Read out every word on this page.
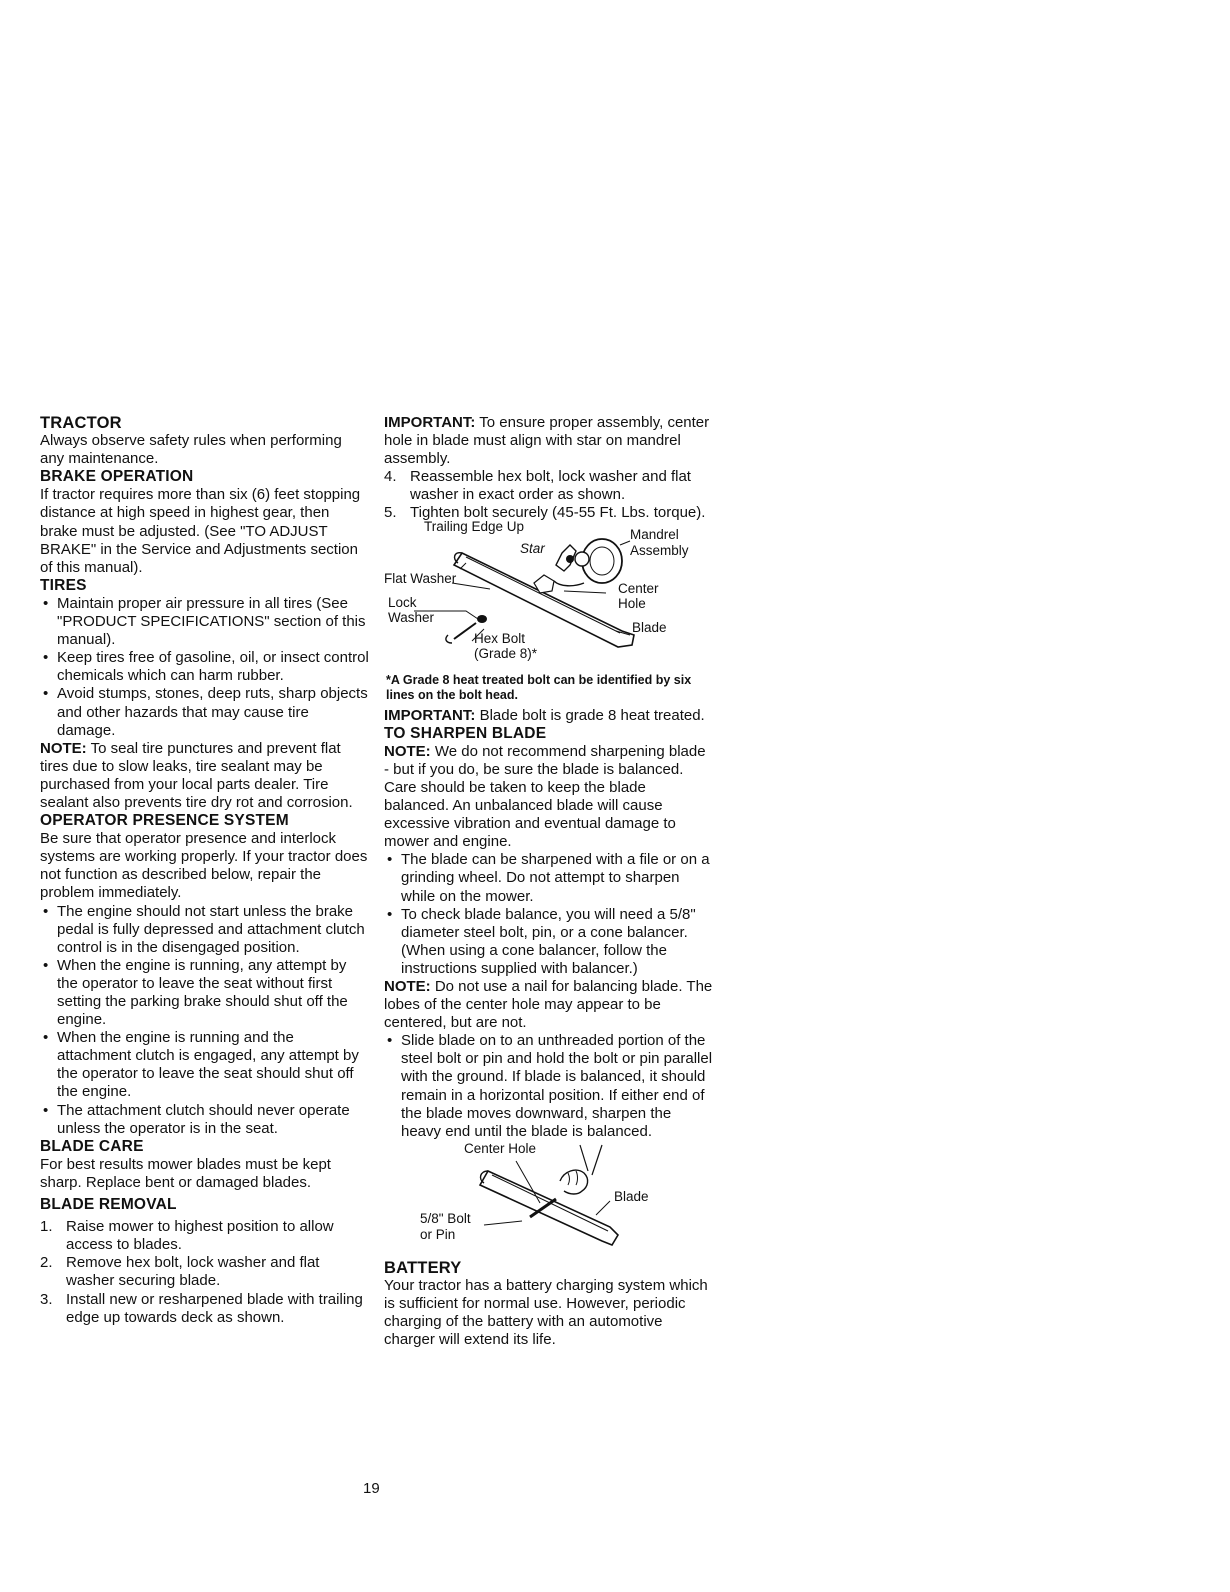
TRACTOR

Always observe safety rules when performing any maintenance.

BRAKE OPERATION

If tractor requires more than six (6) feet stopping distance at high speed in highest gear, then brake must be adjusted. (See "TO ADJUST BRAKE" in the Service and Adjustments section of this manual).

TIRES
• Maintain proper air pressure in all tires (See "PRODUCT SPECIFICATIONS" section of this manual).
• Keep tires free of gasoline, oil, or insect control chemicals which can harm rubber.
• Avoid stumps, stones, deep ruts, sharp objects and other hazards that may cause tire damage.

NOTE: To seal tire punctures and prevent flat tires due to slow leaks, tire sealant may be purchased from your local parts dealer. Tire sealant also prevents tire dry rot and corrosion.

OPERATOR PRESENCE SYSTEM

Be sure that operator presence and interlock systems are working properly. If your tractor does not function as described below, repair the problem immediately.

• The engine should not start unless the brake pedal is fully depressed and attachment clutch control is in the disengaged position.
• When the engine is running, any attempt by the operator to leave the seat without first setting the parking brake should shut off the engine.
• When the engine is running and the attachment clutch is engaged, any attempt by the operator to leave the seat should shut off the engine.
• The attachment clutch should never operate unless the operator is in the seat.
BLADE CARE

For best results mower blades must be kept sharp. Replace bent or damaged blades.

BLADE REMOVAL
1. Raise mower to highest position to allow access to blades.
2. Remove hex bolt, lock washer and flat washer securing blade.
3. Install new or resharpened blade with trailing edge up towards deck as shown.

IMPORTANT: To ensure proper assembly, center hole in blade must align with star on mandrel assembly.

4. Reassemble hex bolt, lock washer and flat washer in exact order as shown.
5. Tighten bolt securely (45-55 Ft. Lbs. torque).
Trailing Edge Up
Star
Mandrel
Assembly
Flat Washer
Center
Hole
Lock
Washer
Blade
Hex Bolt
(Grade 8)*

*A Grade 8 heat treated bolt can be identified by six lines on the bolt head.

IMPORTANT: Blade bolt is grade 8 heat treated.

TO SHARPEN BLADE

NOTE: We do not recommend sharpening blade - but if you do, be sure the blade is balanced.

Care should be taken to keep the blade balanced. An unbalanced blade will cause excessive vibration and eventual damage to mower and engine.

• The blade can be sharpened with a file or on a grinding wheel. Do not attempt to sharpen while on the mower.
• To check blade balance, you will need a 5/8" diameter steel bolt, pin, or a cone balancer. (When using a cone balancer, follow the instructions supplied with balancer.)

NOTE: Do not use a nail for balancing blade. The lobes of the center hole may appear to be centered, but are not.

• Slide blade on to an unthreaded portion of the steel bolt or pin and hold the bolt or pin parallel with the ground. If blade is balanced, it should remain in a horizontal position. If either end of the blade moves downward, sharpen the heavy end until the blade is balanced.
Center Hole
Blade
5/8" Bolt
or Pin
BATTERY

Your tractor has a battery charging system which is sufficient for normal use. However, periodic charging of the battery with an automotive charger will extend its life.

19
